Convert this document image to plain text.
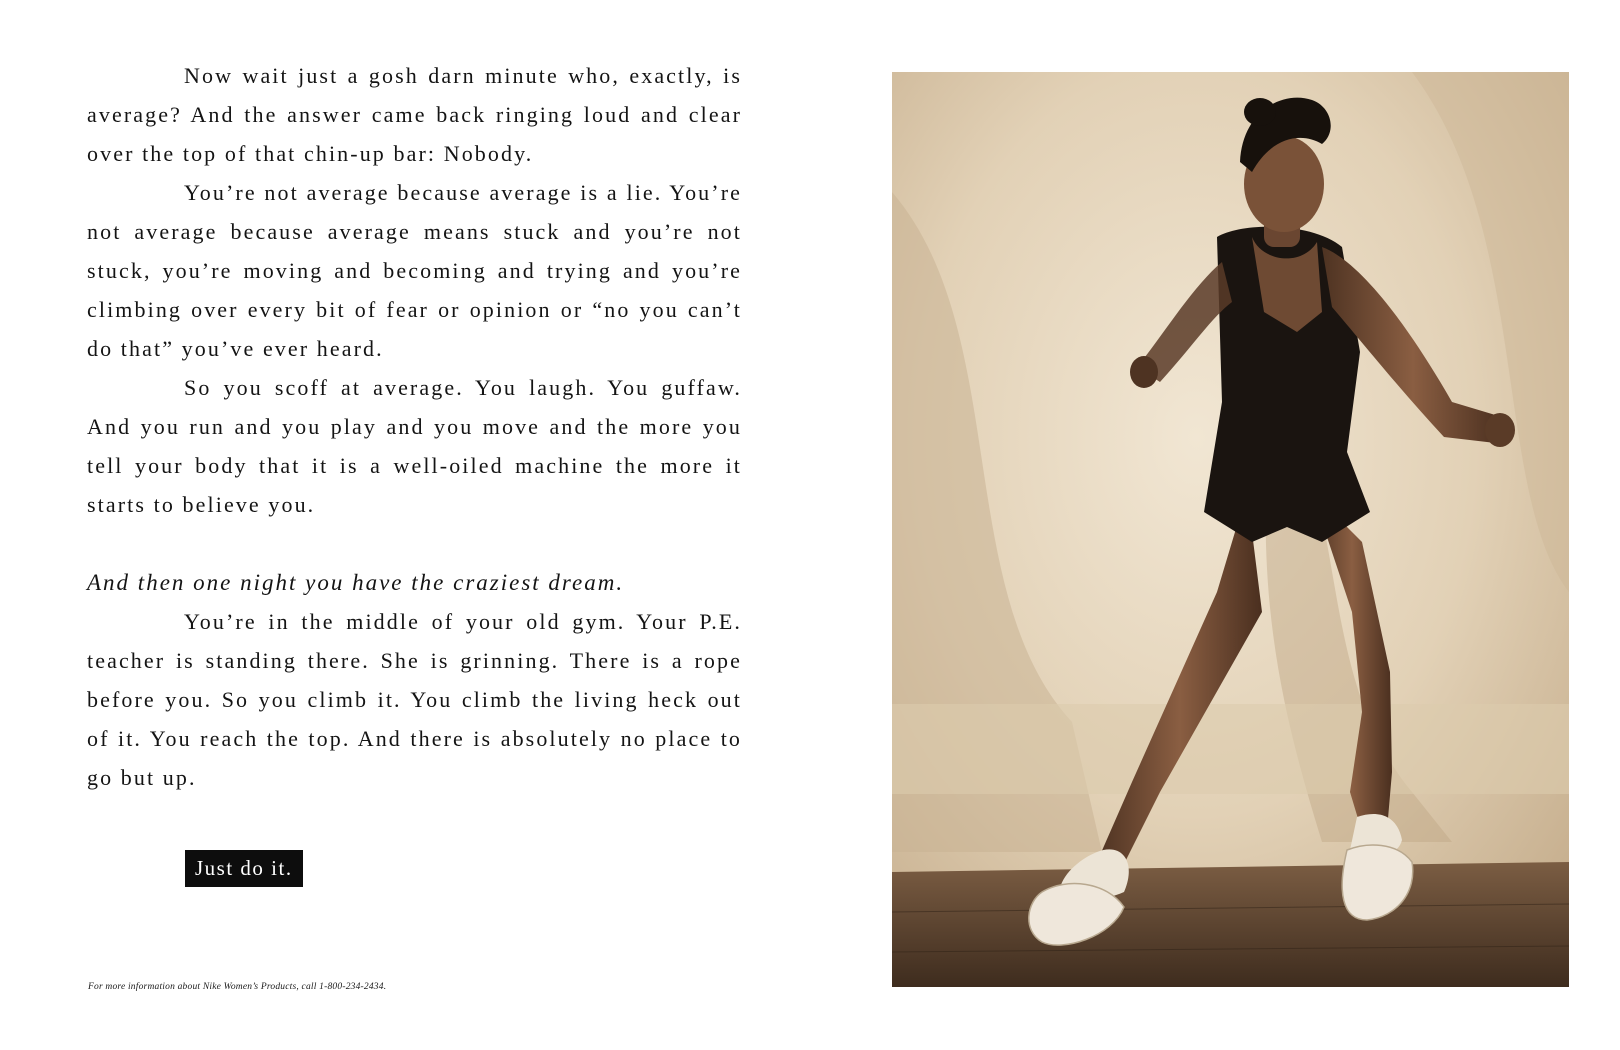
Now wait just a gosh darn minute who, exactly, is average? And the answer came back ringing loud and clear over the top of that chin-up bar: Nobody.

You’re not average because average is a lie. You’re not average because average means stuck and you’re not stuck, you’re moving and becoming and trying and you’re climbing over every bit of fear or opinion or “no you can’t do that” you’ve ever heard.

So you scoff at average. You laugh. You guffaw. And you run and you play and you move and the more you tell your body that it is a well-oiled machine the more it starts to believe you.

And then one night you have the craziest dream.

You’re in the middle of your old gym. Your P.E. teacher is standing there. She is grinning. There is a rope before you. So you climb it. You climb the living heck out of it. You reach the top. And there is absolutely no place to go but up.

Just do it.
For more information about Nike Women’s Products, call 1-800-234-2434.
